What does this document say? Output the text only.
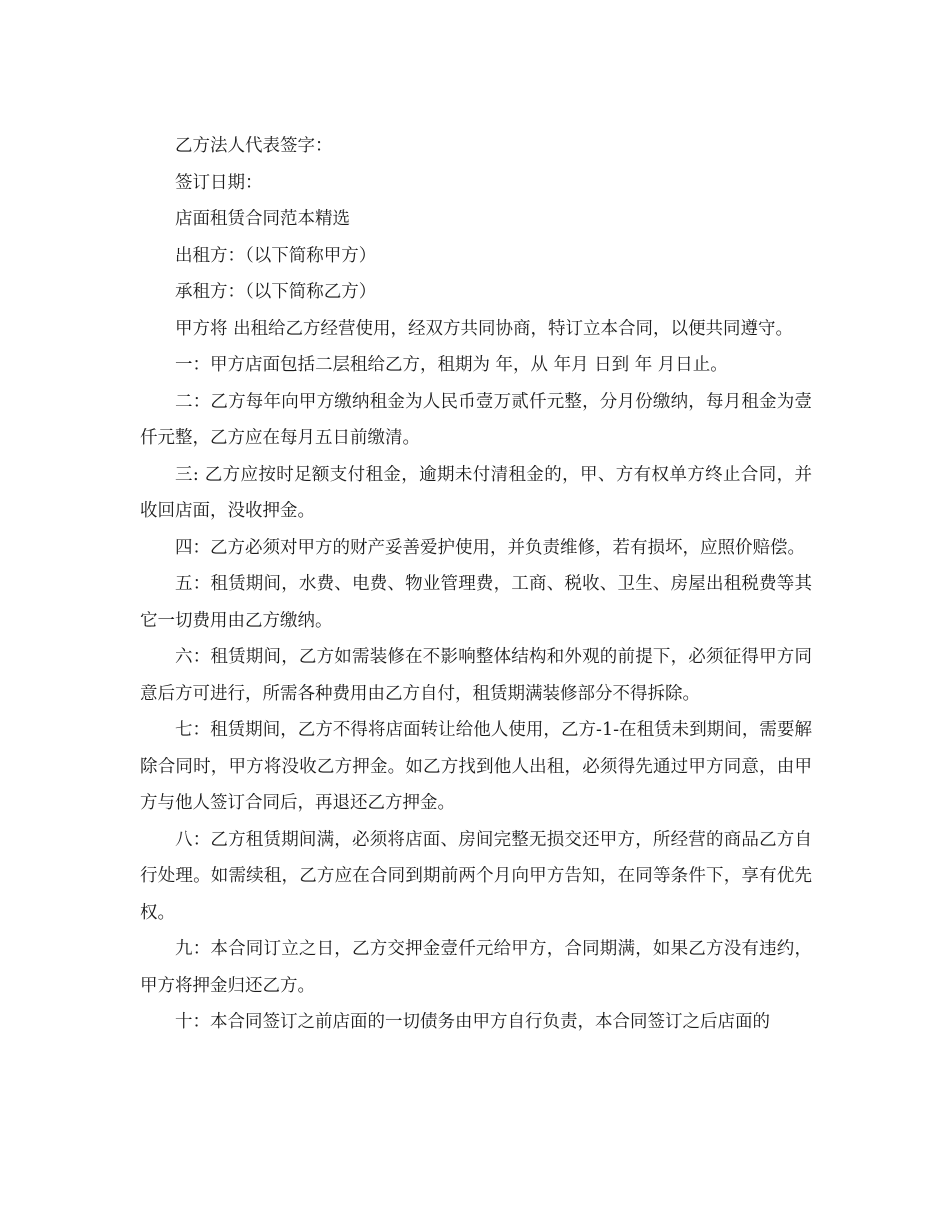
乙方法人代表签字：

签订日期：

店面租赁合同范本精选

出租方：（以下简称甲方）

承租方：（以下简称乙方）

甲方将 出租给乙方经营使用，经双方共同协商，特订立本合同，以便共同遵守。

一：甲方店面包括二层租给乙方，租期为 年，从 年月 日到 年 月日止。

二：乙方每年向甲方缴纳租金为人民币壹万贰仟元整，分月份缴纳，每月租金为壹仟元整，乙方应在每月五日前缴清。

三: 乙方应按时足额支付租金，逾期未付清租金的，甲、方有权单方终止合同，并收回店面，没收押金。

四：乙方必须对甲方的财产妥善爱护使用，并负责维修，若有损坏，应照价赔偿。

五：租赁期间，水费、电费、物业管理费，工商、税收、卫生、房屋出租税费等其它一切费用由乙方缴纳。

六：租赁期间，乙方如需装修在不影响整体结构和外观的前提下，必须征得甲方同意后方可进行，所需各种费用由乙方自付，租赁期满装修部分不得拆除。

七：租赁期间，乙方不得将店面转让给他人使用，乙方-1-在租赁未到期间，需要解除合同时，甲方将没收乙方押金。如乙方找到他人出租，必须得先通过甲方同意，由甲方与他人签订合同后，再退还乙方押金。

八：乙方租赁期间满，必须将店面、房间完整无损交还甲方，所经营的商品乙方自行处理。如需续租，乙方应在合同到期前两个月向甲方告知，在同等条件下，享有优先权。

九：本合同订立之日，乙方交押金壹仟元给甲方，合同期满，如果乙方没有违约，甲方将押金归还乙方。

十：本合同签订之前店面的一切债务由甲方自行负责，本合同签订之后店面的
